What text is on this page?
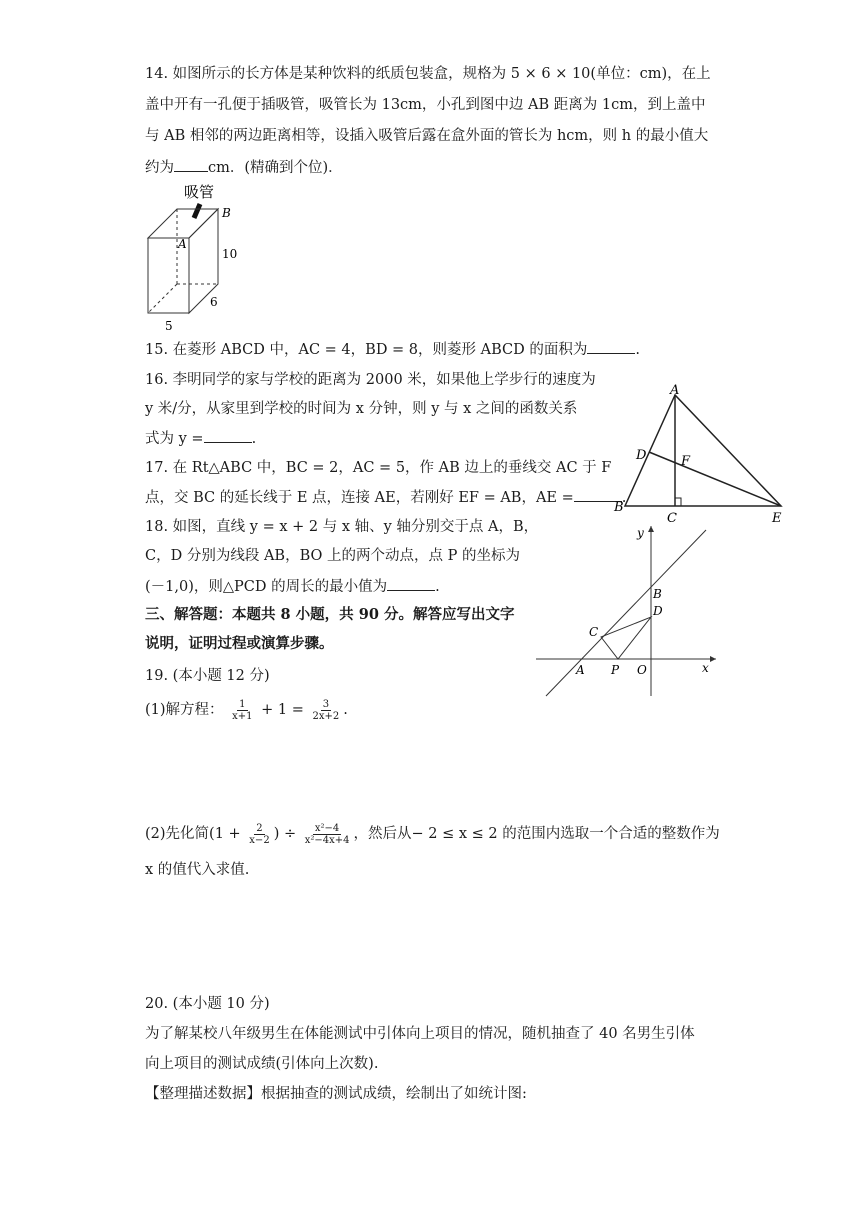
14. 如图所示的长方体是某种饮料的纸质包装盒，规格为 5 × 6 × 10(单位：cm)，在上
盖中开有一孔便于插吸管，吸管长为 13cm，小孔到图中边 AB 距离为 1cm，到上盖中
与 AB 相邻的两边距离相等，设插入吸管后露在盒外面的管长为 hcm，则 h 的最小值大
约为 cm．(精确到个位)．
吸管
A
B
10
6
5
15. 在菱形 ABCD 中，AC = 4，BD = 8，则菱形 ABCD 的面积为	.
16. 李明同学的家与学校的距离为 2000 米，如果他上学步行的速度为
y 米/分，从家里到学校的时间为 x 分钟，则 y 与 x 之间的函数关系
式为 y =	.
17. 在 Rt△ABC 中，BC = 2，AC = 5，作 AB 边上的垂线交 AC 于 F
点，交 BC 的延长线于 E 点，连接 AE，若刚好 EF = AB，AE =	.
A
B
C
D
E
F
18. 如图，直线 y = x + 2 与 x 轴、y 轴分别交于点 A，B，
C，D 分别为线段 AB，BO 上的两个动点，点 P 的坐标为
(－1,0)，则△PCD 的周长的最小值为	.
y
x
A
B
C
D
O
P
三、解答题：本题共 8 小题，共 90 分。解答应写出文字
说明，证明过程或演算步骤。
19. (本小题 12 分)
(1)解方程： $\frac{1}{x+1} + 1 = \frac{3}{2x+2}$ .
(2)先化简($1 + \frac{2}{x-2}$ ) ÷ $\frac{\text{x²−4}}{\text{x²−4x+4}}$ ，然后从− 2 ≤ x ≤ 2 的范围内选取一个合适的整数作为
x 的值代入求值.
20. (本小题 10 分)
为了解某校八年级男生在体能测试中引体向上项目的情况，随机抽查了 40 名男生引体
向上项目的测试成绩(引体向上次数).
【整理描述数据】根据抽查的测试成绩，绘制出了如统计图:
